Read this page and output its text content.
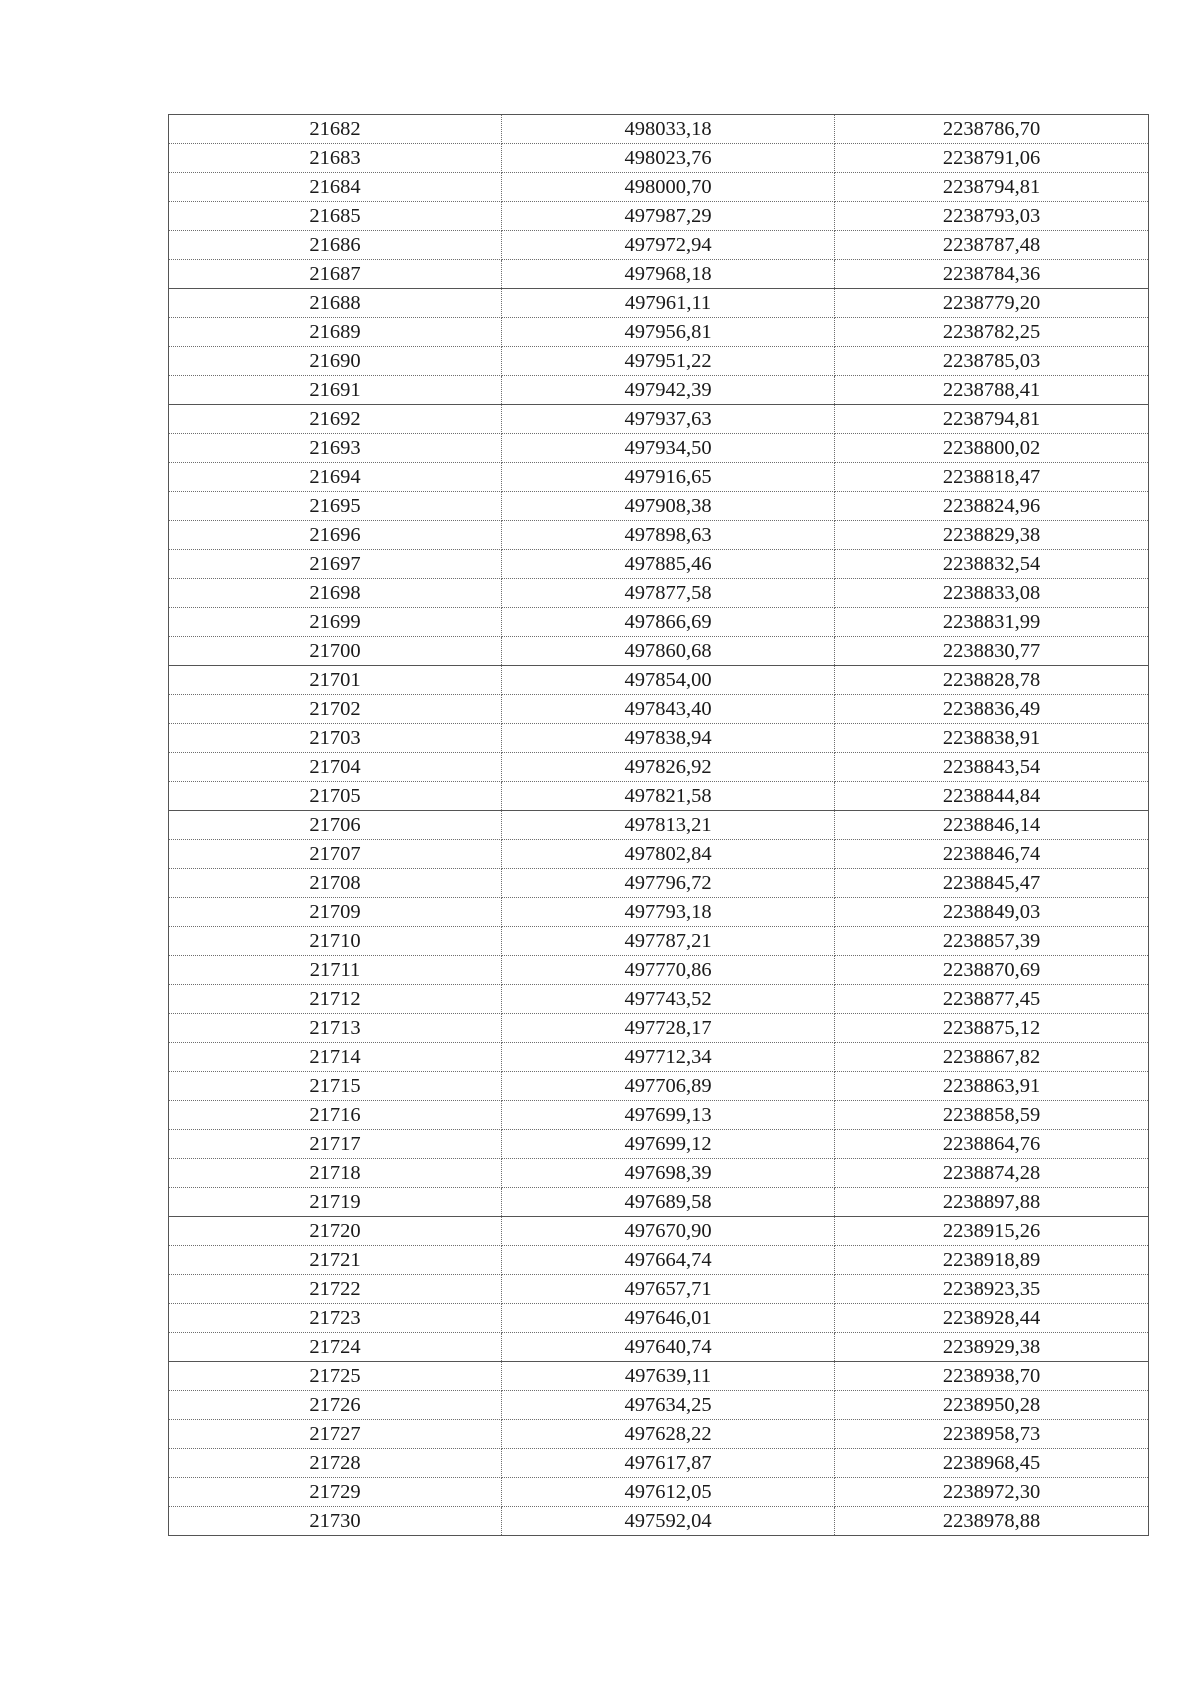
21682	498033,18	2238786,70
21683	498023,76	2238791,06
21684	498000,70	2238794,81
21685	497987,29	2238793,03
21686	497972,94	2238787,48
21687	497968,18	2238784,36
21688	497961,11	2238779,20
21689	497956,81	2238782,25
21690	497951,22	2238785,03
21691	497942,39	2238788,41
21692	497937,63	2238794,81
21693	497934,50	2238800,02
21694	497916,65	2238818,47
21695	497908,38	2238824,96
21696	497898,63	2238829,38
21697	497885,46	2238832,54
21698	497877,58	2238833,08
21699	497866,69	2238831,99
21700	497860,68	2238830,77
21701	497854,00	2238828,78
21702	497843,40	2238836,49
21703	497838,94	2238838,91
21704	497826,92	2238843,54
21705	497821,58	2238844,84
21706	497813,21	2238846,14
21707	497802,84	2238846,74
21708	497796,72	2238845,47
21709	497793,18	2238849,03
21710	497787,21	2238857,39
21711	497770,86	2238870,69
21712	497743,52	2238877,45
21713	497728,17	2238875,12
21714	497712,34	2238867,82
21715	497706,89	2238863,91
21716	497699,13	2238858,59
21717	497699,12	2238864,76
21718	497698,39	2238874,28
21719	497689,58	2238897,88
21720	497670,90	2238915,26
21721	497664,74	2238918,89
21722	497657,71	2238923,35
21723	497646,01	2238928,44
21724	497640,74	2238929,38
21725	497639,11	2238938,70
21726	497634,25	2238950,28
21727	497628,22	2238958,73
21728	497617,87	2238968,45
21729	497612,05	2238972,30
21730	497592,04	2238978,88
